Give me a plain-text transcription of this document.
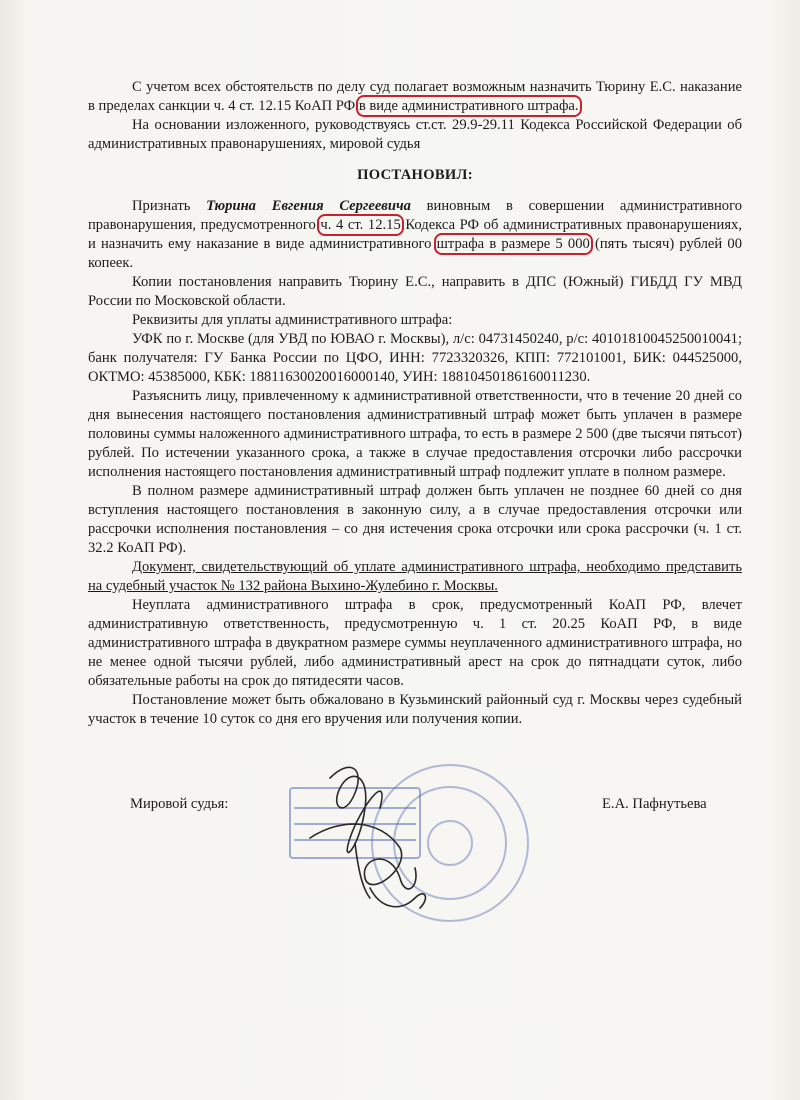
С учетом всех обстоятельств по делу суд полагает возможным назначить Тюрину Е.С. наказание в пределах санкции ч. 4 ст. 12.15 КоАП РФ в виде административного штрафа.

На основании изложенного, руководствуясь ст.ст. 29.9-29.11 Кодекса Российской Федерации об административных правонарушениях, мировой судья

ПОСТАНОВИЛ:

Признать Тюрина Евгения Сергеевича виновным в совершении административного правонарушения, предусмотренного ч. 4 ст. 12.15 Кодекса РФ об административных правонарушениях, и назначить ему наказание в виде административного штрафа в размере 5 000 (пять тысяч) рублей 00 копеек.

Копии постановления направить Тюрину Е.С., направить в ДПС (Южный) ГИБДД ГУ МВД России по Московской области.

Реквизиты для уплаты административного штрафа:

УФК по г. Москве (для УВД по ЮВАО г. Москвы), л/с: 04731450240, р/с: 40101810045250010041; банк получателя: ГУ Банка России по ЦФО, ИНН: 7723320326, КПП: 772101001, БИК: 044525000, ОКТМО: 45385000, КБК: 18811630020016000140, УИН: 18810450186160011230.

Разъяснить лицу, привлеченному к административной ответственности, что в течение 20 дней со дня вынесения настоящего постановления административный штраф может быть уплачен в размере половины суммы наложенного административного штрафа, то есть в размере 2 500 (две тысячи пятьсот) рублей. По истечении указанного срока, а также в случае предоставления отсрочки либо рассрочки исполнения настоящего постановления административный штраф подлежит уплате в полном размере.

В полном размере административный штраф должен быть уплачен не позднее 60 дней со дня вступления настоящего постановления в законную силу, а в случае предоставления отсрочки или рассрочки исполнения постановления – со дня истечения срока отсрочки или срока рассрочки (ч. 1 ст. 32.2 КоАП РФ).

Документ, свидетельствующий об уплате административного штрафа, необходимо представить на судебный участок № 132 района Выхино-Жулебино г. Москвы.

Неуплата административного штрафа в срок, предусмотренный КоАП РФ, влечет административную ответственность, предусмотренную ч. 1 ст. 20.25 КоАП РФ, в виде административного штрафа в двукратном размере суммы неуплаченного административного штрафа, но не менее одной тысячи рублей, либо административный арест на срок до пятнадцати суток, либо обязательные работы на срок до пятидесяти часов.

Постановление может быть обжаловано в Кузьминский районный суд г. Москвы через судебный участок в течение 10 суток со дня его вручения или получения копии.

Мировой судья:	Е.А. Пафнутьева
